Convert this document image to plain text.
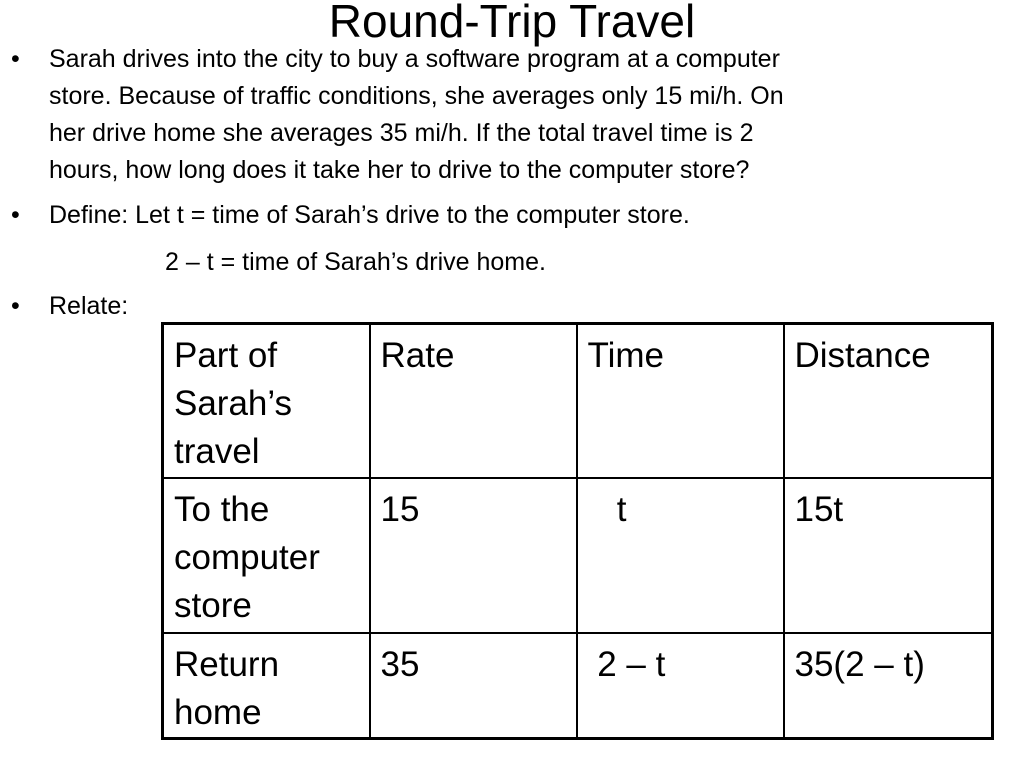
Round-Trip Travel
•	Sarah drives into the city to buy a software program at a computer
store. Because of traffic conditions, she averages only 15 mi/h. On
her drive home she averages 35 mi/h. If the total travel time is 2
hours, how long does it take her to drive to the computer store?
•	Define: Let t = time of Sarah’s drive to the computer store.
2 – t = time of Sarah’s drive home.
•	Relate:
Part of
Sarah’s
travel	Rate	Time	Distance
To the
computer
store	15	t	15t
Return
home	35	2 – t	35(2 – t)
